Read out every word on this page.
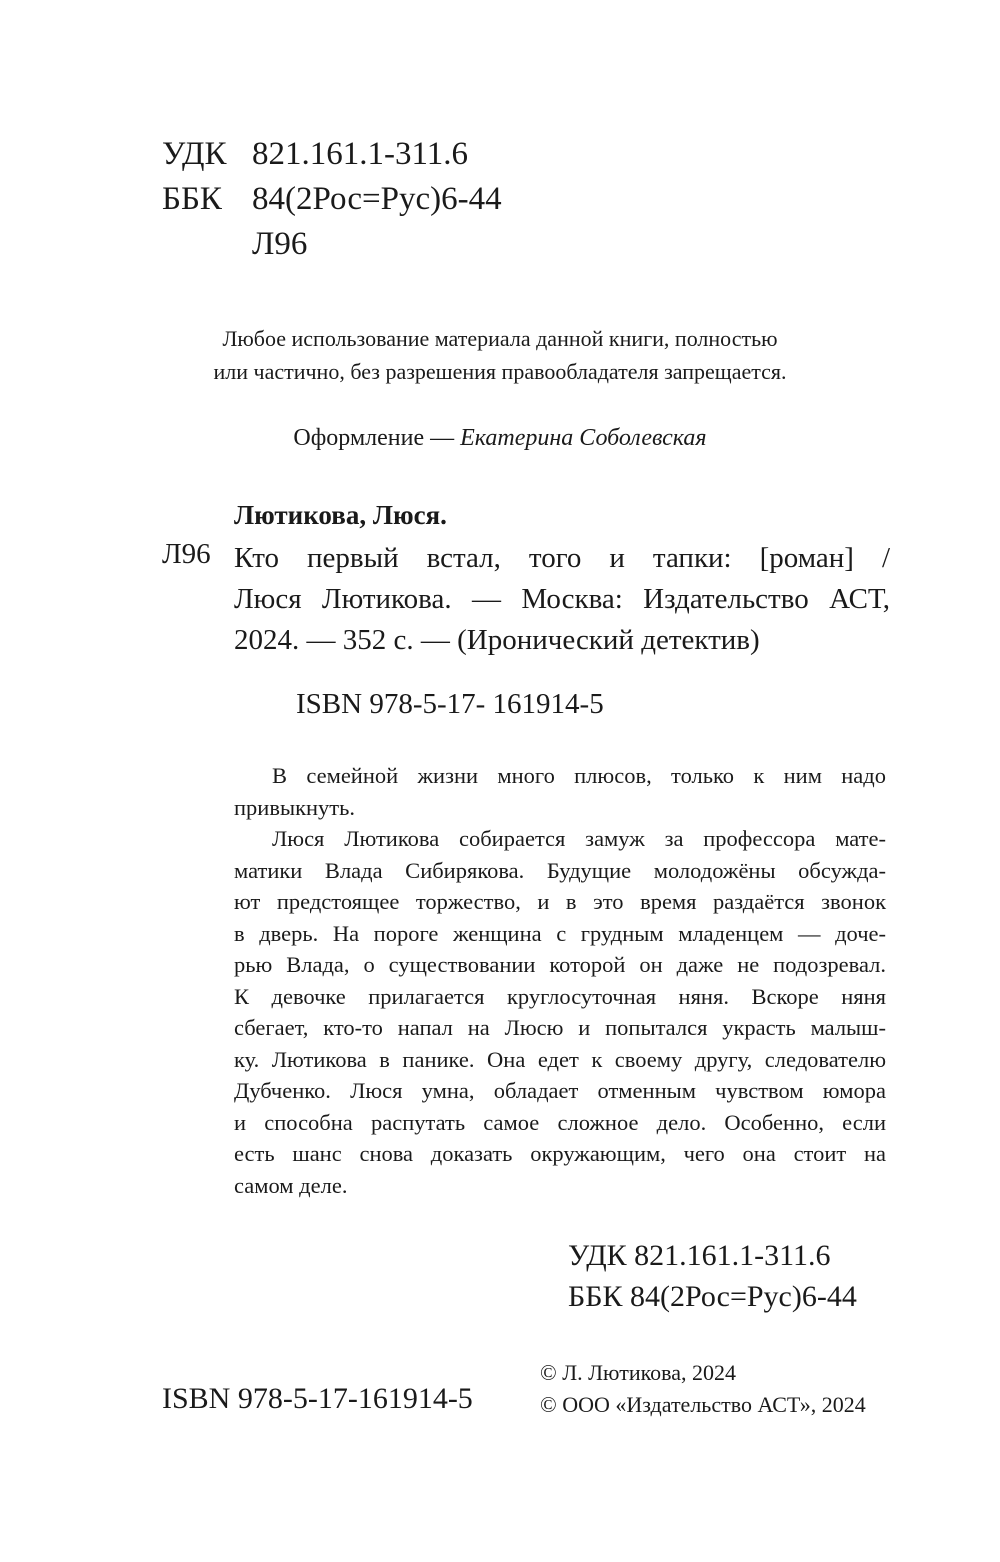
УДК 821.161.1-311.6
ББК 84(2Рос=Рус)6-44
Л96
Любое использование материала данной книги, полностью
или частично, без разрешения правообладателя запрещается.
Оформление — Екатерина Соболевская
Лютикова, Люся.
Л96 Кто первый встал, того и тапки: [роман] /

Люся Лютикова. — Москва: Издательство АСТ,

2024. — 352 с. — (Иронический детектив)

ISBN 978-5-17- 161914-5

В семейной жизни много плюсов, только к ним надо

привыкнуть.

Люся Лютикова собирается замуж за профессора мате-

матики Влада Сибирякова. Будущие молодожёны обсужда-

ют предстоящее торжество, и в это время раздаётся звонок

в дверь. На пороге женщина с грудным младенцем — доче-

рью Влада, о существовании которой он даже не подозревал.

К девочке прилагается круглосуточная няня. Вскоре няня

сбегает, кто-то напал на Люсю и попытался украсть малыш-

ку. Лютикова в панике. Она едет к своему другу, следователю

Дубченко. Люся умна, обладает отменным чувством юмора

и способна распутать самое сложное дело. Особенно, если

есть шанс снова доказать окружающим, чего она стоит на

самом деле.

УДК 821.161.1-311.6
ББК 84(2Рос=Рус)6-44
ISBN 978-5-17-161914-5
© Л. Лютикова, 2024
© ООО «Издательство АСТ», 2024
